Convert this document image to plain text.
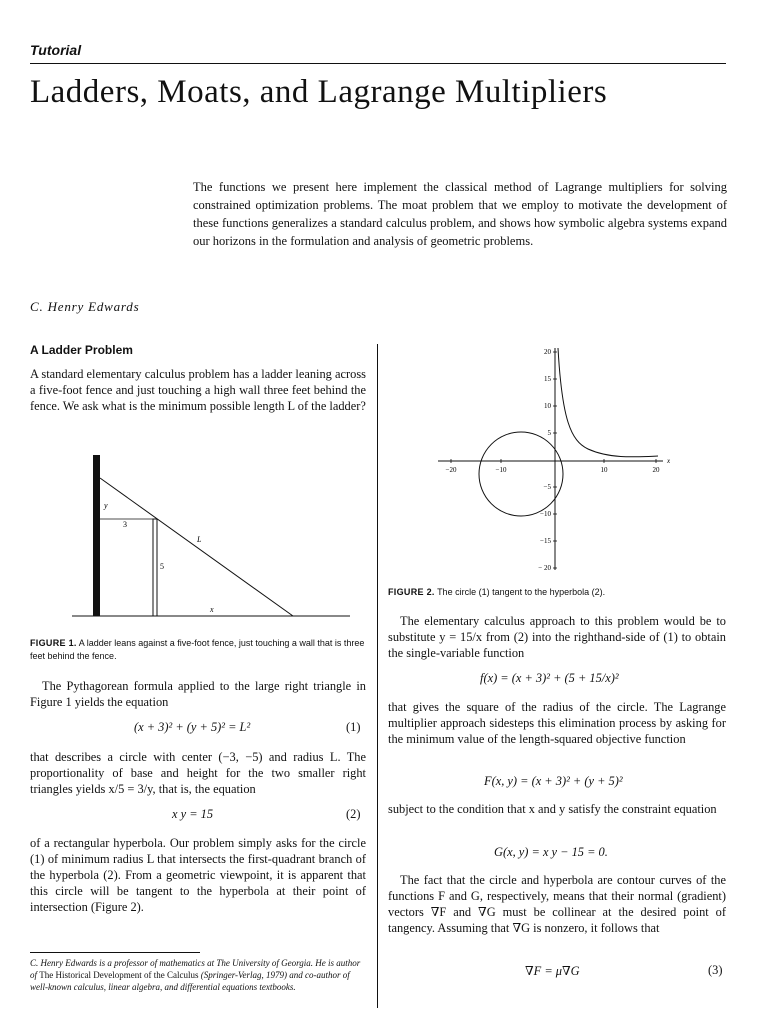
Tutorial
Ladders, Moats, and Lagrange Multipliers
The functions we present here implement the classical method of Lagrange multipliers for solving constrained optimization problems. The moat problem that we employ to motivate the development of these functions generalizes a standard calculus problem, and shows how symbolic algebra systems expand our horizons in the formulation and analysis of geometric problems.
C. Henry Edwards
A Ladder Problem
A standard elementary calculus problem has a ladder leaning across a five-foot fence and just touching a high wall three feet behind the fence. We ask what is the minimum possible length L of the ladder?
y
3
L
5
x
FIGURE 1. A ladder leans against a five-foot fence, just touching a wall that is three feet behind the fence.
The Pythagorean formula applied to the large right triangle in Figure 1 yields the equation
(x + 3)² + (y + 5)² = L²	(1)
that describes a circle with center (−3, −5) and radius L. The proportionality of base and height for the two smaller right triangles yields x/5 = 3/y, that is, the equation
x y = 15	(2)
of a rectangular hyperbola. Our problem simply asks for the circle (1) of minimum radius L that intersects the first-quadrant branch of the hyperbola (2). From a geometric viewpoint, it is apparent that this circle will be tangent to the hyperbola at their point of intersection (Figure 2).
C. Henry Edwards is a professor of mathematics at The University of Georgia. He is author of The Historical Development of the Calculus (Springer-Verlag, 1979) and co-author of well-known calculus, linear algebra, and differential equations textbooks.
20
15
10
5
−5
−10
−15
− 20
−20	−10	10	20
x
FIGURE 2. The circle (1) tangent to the hyperbola (2).
The elementary calculus approach to this problem would be to substitute y = 15/x from (2) into the righthand-side of (1) to obtain the single-variable function
f(x) = (x + 3)² + (5 + 15/x)²
that gives the square of the radius of the circle. The Lagrange multiplier approach sidesteps this elimination process by asking for the minimum value of the length-squared objective function
F(x, y) = (x + 3)² + (y + 5)²
subject to the condition that x and y satisfy the constraint equation
G(x, y) = x y − 15 = 0.
The fact that the circle and hyperbola are contour curves of the functions F and G, respectively, means that their normal (gradient) vectors ∇F and ∇G must be collinear at the desired point of tangency. Assuming that ∇G is nonzero, it follows that
∇F = μ∇G	(3)
